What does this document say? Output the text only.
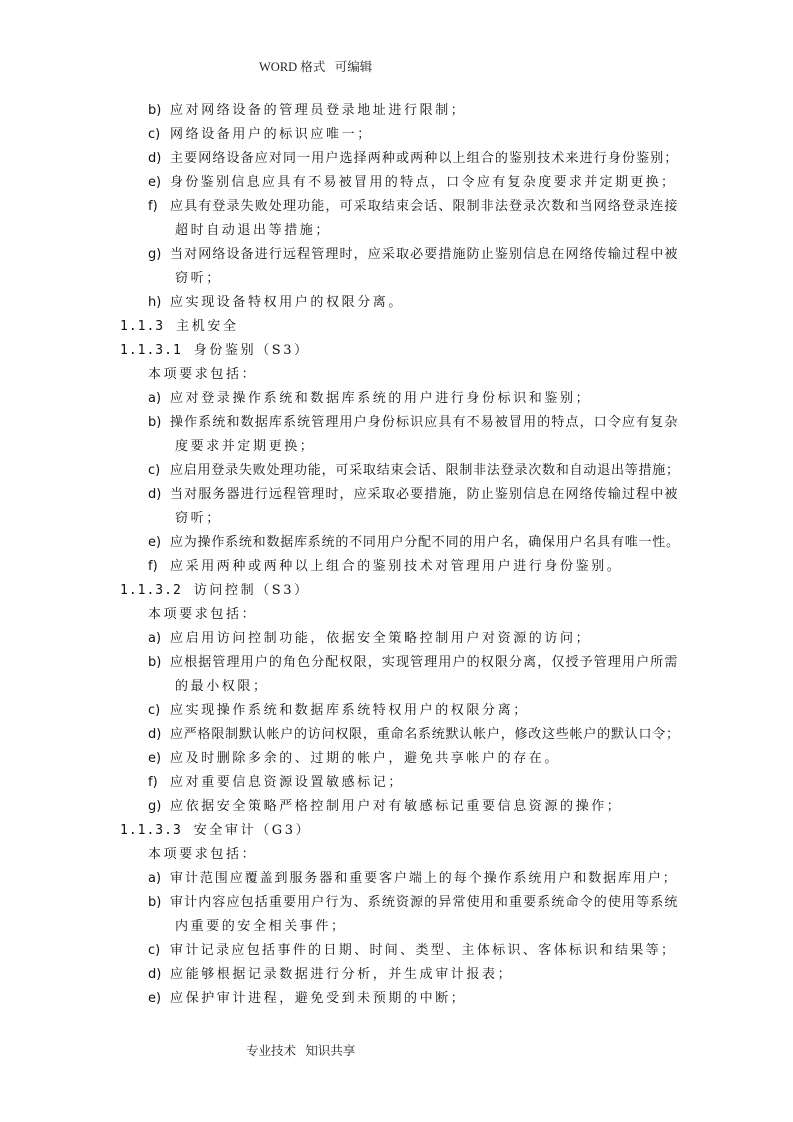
WORD 格式   可编辑
b) 应对网络设备的管理员登录地址进行限制；
c) 网络设备用户的标识应唯一；
d) 主要网络设备应对同一用户选择两种或两种以上组合的鉴别技术来进行身份鉴别；
e) 身份鉴别信息应具有不易被冒用的特点，口令应有复杂度要求并定期更换；
f) 应具有登录失败处理功能，可采取结束会话、限制非法登录次数和当网络登录连接
超时自动退出等措施；
g) 当对网络设备进行远程管理时，应采取必要措施防止鉴别信息在网络传输过程中被
窃听；
h) 应实现设备特权用户的权限分离。
1.1.3 主机安全
1.1.3.1 身份鉴别（S3）
本项要求包括：
a) 应对登录操作系统和数据库系统的用户进行身份标识和鉴别；
b) 操作系统和数据库系统管理用户身份标识应具有不易被冒用的特点，口令应有复杂
度要求并定期更换；
c) 应启用登录失败处理功能，可采取结束会话、限制非法登录次数和自动退出等措施；
d) 当对服务器进行远程管理时，应采取必要措施，防止鉴别信息在网络传输过程中被
窃听；
e) 应为操作系统和数据库系统的不同用户分配不同的用户名，确保用户名具有唯一性。
f) 应采用两种或两种以上组合的鉴别技术对管理用户进行身份鉴别。
1.1.3.2 访问控制（S3）
本项要求包括：
a) 应启用访问控制功能，依据安全策略控制用户对资源的访问；
b) 应根据管理用户的角色分配权限，实现管理用户的权限分离，仅授予管理用户所需
的最小权限；
c) 应实现操作系统和数据库系统特权用户的权限分离；
d) 应严格限制默认帐户的访问权限，重命名系统默认帐户，修改这些帐户的默认口令；
e) 应及时删除多余的、过期的帐户，避免共享帐户的存在。
f) 应对重要信息资源设置敏感标记；
g) 应依据安全策略严格控制用户对有敏感标记重要信息资源的操作；
1.1.3.3 安全审计（G3）
本项要求包括：
a) 审计范围应覆盖到服务器和重要客户端上的每个操作系统用户和数据库用户；
b) 审计内容应包括重要用户行为、系统资源的异常使用和重要系统命令的使用等系统
内重要的安全相关事件；
c) 审计记录应包括事件的日期、时间、类型、主体标识、客体标识和结果等；
d) 应能够根据记录数据进行分析，并生成审计报表；
e) 应保护审计进程，避免受到未预期的中断；
专业技术   知识共享
